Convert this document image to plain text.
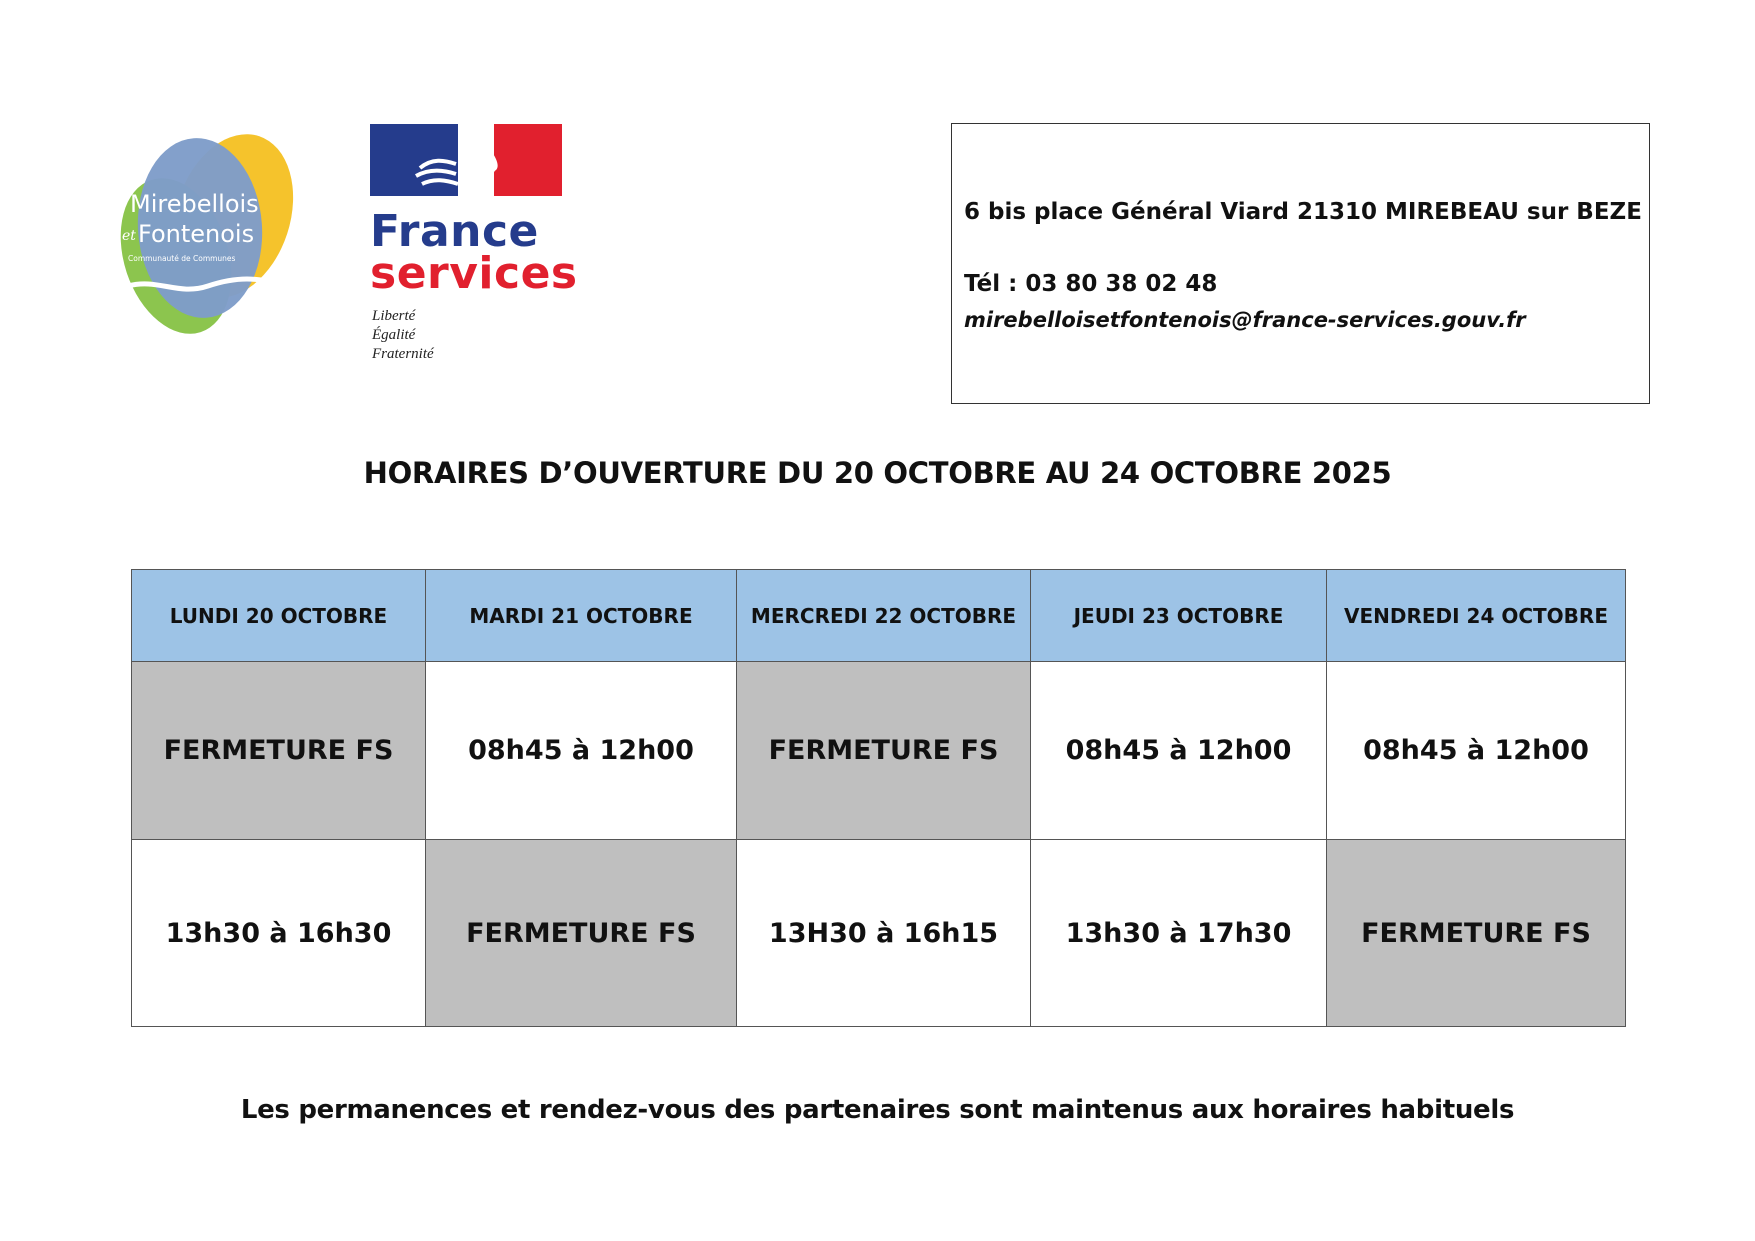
Mirebellois
et Fontenois
Communauté de Communes
France
services
Liberté
Égalité
Fraternité
6 bis place Général Viard 21310 MIREBEAU sur BEZE
Tél : 03 80 38 02 48
mirebelloisetfontenois@france-services.gouv.fr
HORAIRES D’OUVERTURE DU 20 OCTOBRE AU 24 OCTOBRE 2025
LUNDI 20 OCTOBRE	MARDI 21 OCTOBRE	MERCREDI 22 OCTOBRE	JEUDI 23 OCTOBRE	VENDREDI 24 OCTOBRE
FERMETURE FS	08h45 à 12h00	FERMETURE FS	08h45 à 12h00	08h45 à 12h00
13h30 à 16h30	FERMETURE FS	13H30 à 16h15	13h30 à 17h30	FERMETURE FS
Les permanences et rendez-vous des partenaires sont maintenus aux horaires habituels
